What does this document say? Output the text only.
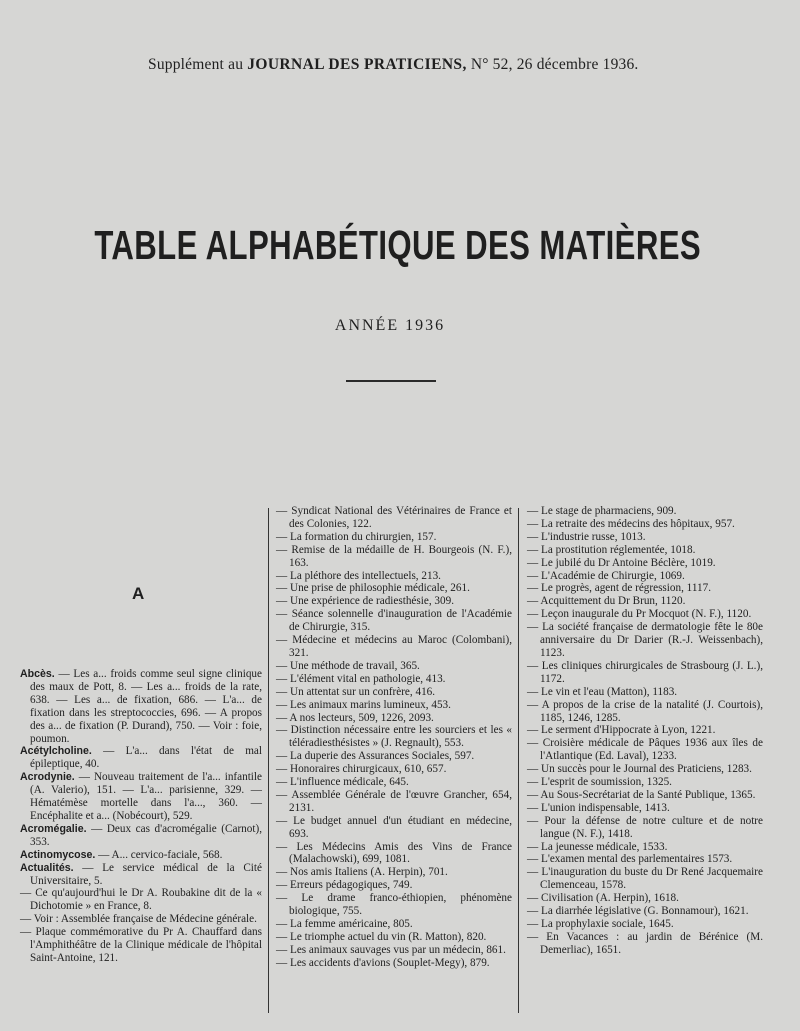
Supplément au JOURNAL DES PRATICIENS, N° 52, 26 décembre 1936.
TABLE ALPHABÉTIQUE DES MATIÈRES
ANNÉE 1936
A
Abcès. — Les a... froids comme seul signe clinique des maux de Pott, 8. — Les a... froids de la rate, 638. — Les a... de fixation, 686. — L'a... de fixation dans les streptococcies, 696. — A propos des a... de fixation (P. Durand), 750. — Voir : foie, poumon.
Acétylcholine. — L'a... dans l'état de mal épileptique, 40.
Acrodynie. — Nouveau traitement de l'a... infantile (A. Valerio), 151. — L'a... parisienne, 329. — Hématémèse mortelle dans l'a..., 360. — Encéphalite et a... (Nobécourt), 529.
Acromégalie. — Deux cas d'acromégalie (Carnot), 353.
Actinomycose. — A... cervico-faciale, 568.
Actualités. — Le service médical de la Cité Universitaire, 5.
— Ce qu'aujourd'hui le Dr A. Roubakine dit de la « Dichotomie » en France, 8.
— Voir : Assemblée française de Médecine générale.
— Plaque commémorative du Pr A. Chauffard dans l'Amphithéâtre de la Clinique médicale de l'hôpital Saint-Antoine, 121.
— Syndicat National des Vétérinaires de France et des Colonies, 122.
— La formation du chirurgien, 157.
— Remise de la médaille de H. Bourgeois (N. F.), 163.
— La pléthore des intellectuels, 213.
— Une prise de philosophie médicale, 261.
— Une expérience de radiesthésie, 309.
— Séance solennelle d'inauguration de l'Académie de Chirurgie, 315.
— Médecine et médecins au Maroc (Colombani), 321.
— Une méthode de travail, 365.
— L'élément vital en pathologie, 413.
— Un attentat sur un confrère, 416.
— Les animaux marins lumineux, 453.
— A nos lecteurs, 509, 1226, 2093.
— Distinction nécessaire entre les sourciers et les « téléradiesthésistes » (J. Regnault), 553.
— La duperie des Assurances Sociales, 597.
— Honoraires chirurgicaux, 610, 657.
— L'influence médicale, 645.
— Assemblée Générale de l'œuvre Grancher, 654, 2131.
— Le budget annuel d'un étudiant en médecine, 693.
— Les Médecins Amis des Vins de France (Malachowski), 699, 1081.
— Nos amis Italiens (A. Herpin), 701.
— Erreurs pédagogiques, 749.
— Le drame franco-éthiopien, phénomène biologique, 755.
— La femme américaine, 805.
— Le triomphe actuel du vin (R. Matton), 820.
— Les animaux sauvages vus par un médecin, 861.
— Les accidents d'avions (Souplet-Megy), 879.
— Le stage de pharmaciens, 909.
— La retraite des médecins des hôpitaux, 957.
— L'industrie russe, 1013.
— La prostitution réglementée, 1018.
— Le jubilé du Dr Antoine Béclère, 1019.
— L'Académie de Chirurgie, 1069.
— Le progrès, agent de régression, 1117.
— Acquittement du Dr Brun, 1120.
— Leçon inaugurale du Pr Mocquot (N. F.), 1120.
— La société française de dermatologie fête le 80e anniversaire du Dr Darier (R.-J. Weissenbach), 1123.
— Les cliniques chirurgicales de Strasbourg (J. L.), 1172.
— Le vin et l'eau (Matton), 1183.
— A propos de la crise de la natalité (J. Courtois), 1185, 1246, 1285.
— Le serment d'Hippocrate à Lyon, 1221.
— Croisière médicale de Pâques 1936 aux îles de l'Atlantique (Ed. Laval), 1233.
— Un succès pour le Journal des Praticiens, 1283.
— L'esprit de soumission, 1325.
— Au Sous-Secrétariat de la Santé Publique, 1365.
— L'union indispensable, 1413.
— Pour la défense de notre culture et de notre langue (N. F.), 1418.
— La jeunesse médicale, 1533.
— L'examen mental des parlementaires 1573.
— L'inauguration du buste du Dr René Jacquemaire Clemenceau, 1578.
— Civilisation (A. Herpin), 1618.
— La diarrhée législative (G. Bonnamour), 1621.
— La prophylaxie sociale, 1645.
— En Vacances : au jardin de Bérénice (M. Demerliac), 1651.
